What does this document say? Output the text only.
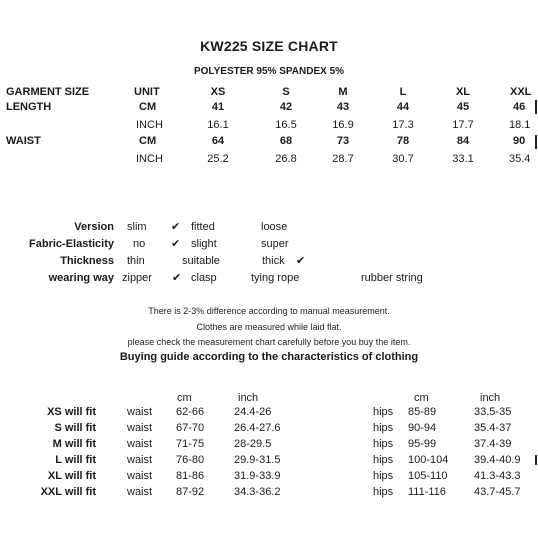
KW225 SIZE CHART
POLYESTER 95% SPANDEX 5%
GARMENT SIZE	UNIT	XS	S	M	L	XL	XXL
LENGTH	CM	41	42	43	44	45	46
INCH	16.1	16.5	16.9	17.3	17.7	18.1
WAIST	CM	64	68	73	78	84	90
INCH	25.2	26.8	28.7	30.7	33.1	35.4
Version slim ✔ fitted	loose
Fabric-Elasticity no ✔ slight	super
Thickness thin	suitable	thick ✔
wearing way zipper ✔ clasp	tying rope	rubber string
There is 2-3% difference according to manual measurement.
Clothes are measured while laid flat.
please check the measurement chart carefully before you buy the item.
Buying guide according to the characteristics of clothing
cm	inch	cm	inch
XS will fit	waist 62-66	24.4-26	hips 85-89	33.5-35
S will fit	waist 67-70	26.4-27.6	hips 90-94	35.4-37
M will fit	waist 71-75	28-29.5	hips 95-99	37.4-39
L will fit	waist 76-80	29.9-31.5	hips 100-104 39.4-40.9
XL will fit	waist 81-86	31.9-33.9	hips 105-110 41.3-43.3
XXL will fit	waist 87-92	34.3-36.2	hips 111-116	43.7-45.7
